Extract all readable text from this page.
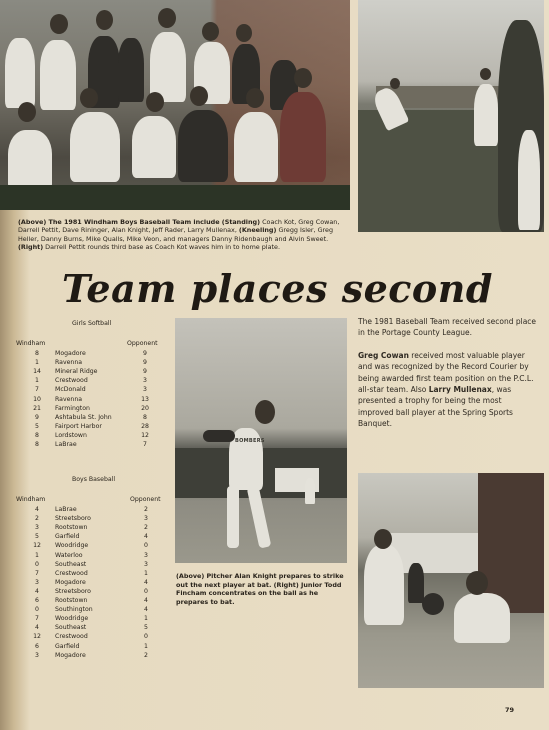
(Above) The 1981 Windham Boys Baseball Team include (Standing) Coach Kot, Greg Cowan, Darrell Pettit, Dave Rininger, Alan Knight, Jeff Rader, Larry Mullenax, (Kneeling) Gregg Isler, Greg Heller, Danny Burns, Mike Qualls, Mike Veon, and managers Danny Ridenbaugh and Alvin Sweet. (Right) Darrell Pettit rounds third base as Coach Kot waves him in to home plate.
Team places second
Girls Softball
Windham	Opponent
8	Mogadore	9
1	Ravenna	9
14	Mineral Ridge	9
1	Crestwood	3
7	McDonald	3
10	Ravenna	13
21	Farmington	20
9	Ashtabula St. John	8
5	Fairport Harbor	28
8	Lordstown	12
8	LaBrae	7
Boys Baseball
Windham	Opponent
4	LaBrae	2
2	Streetsboro	3
3	Rootstown	2
5	Garfield	4
12	Woodridge	0
1	Waterloo	3
0	Southeast	3
7	Crestwood	1
3	Mogadore	4
4	Streetsboro	0
6	Rootstown	4
0	Southington	4
7	Woodridge	1
4	Southeast	5
12	Crestwood	0
6	Garfield	1
3	Mogadore	2
BOMBERS
(Above) Pitcher Alan Knight prepares to strike out the next player at bat. (Right) Junior Todd Fincham concentrates on the ball as he prepares to bat.

The 1981 Baseball Team received second place in the Portage County League.

Greg Cowan received most valuable player and was recognized by the Record Courier by being awarded first team position on the P.C.L. all-star team. Also Larry Mullenax, was presented a trophy for being the most improved ball player at the Spring Sports Banquet.

79
